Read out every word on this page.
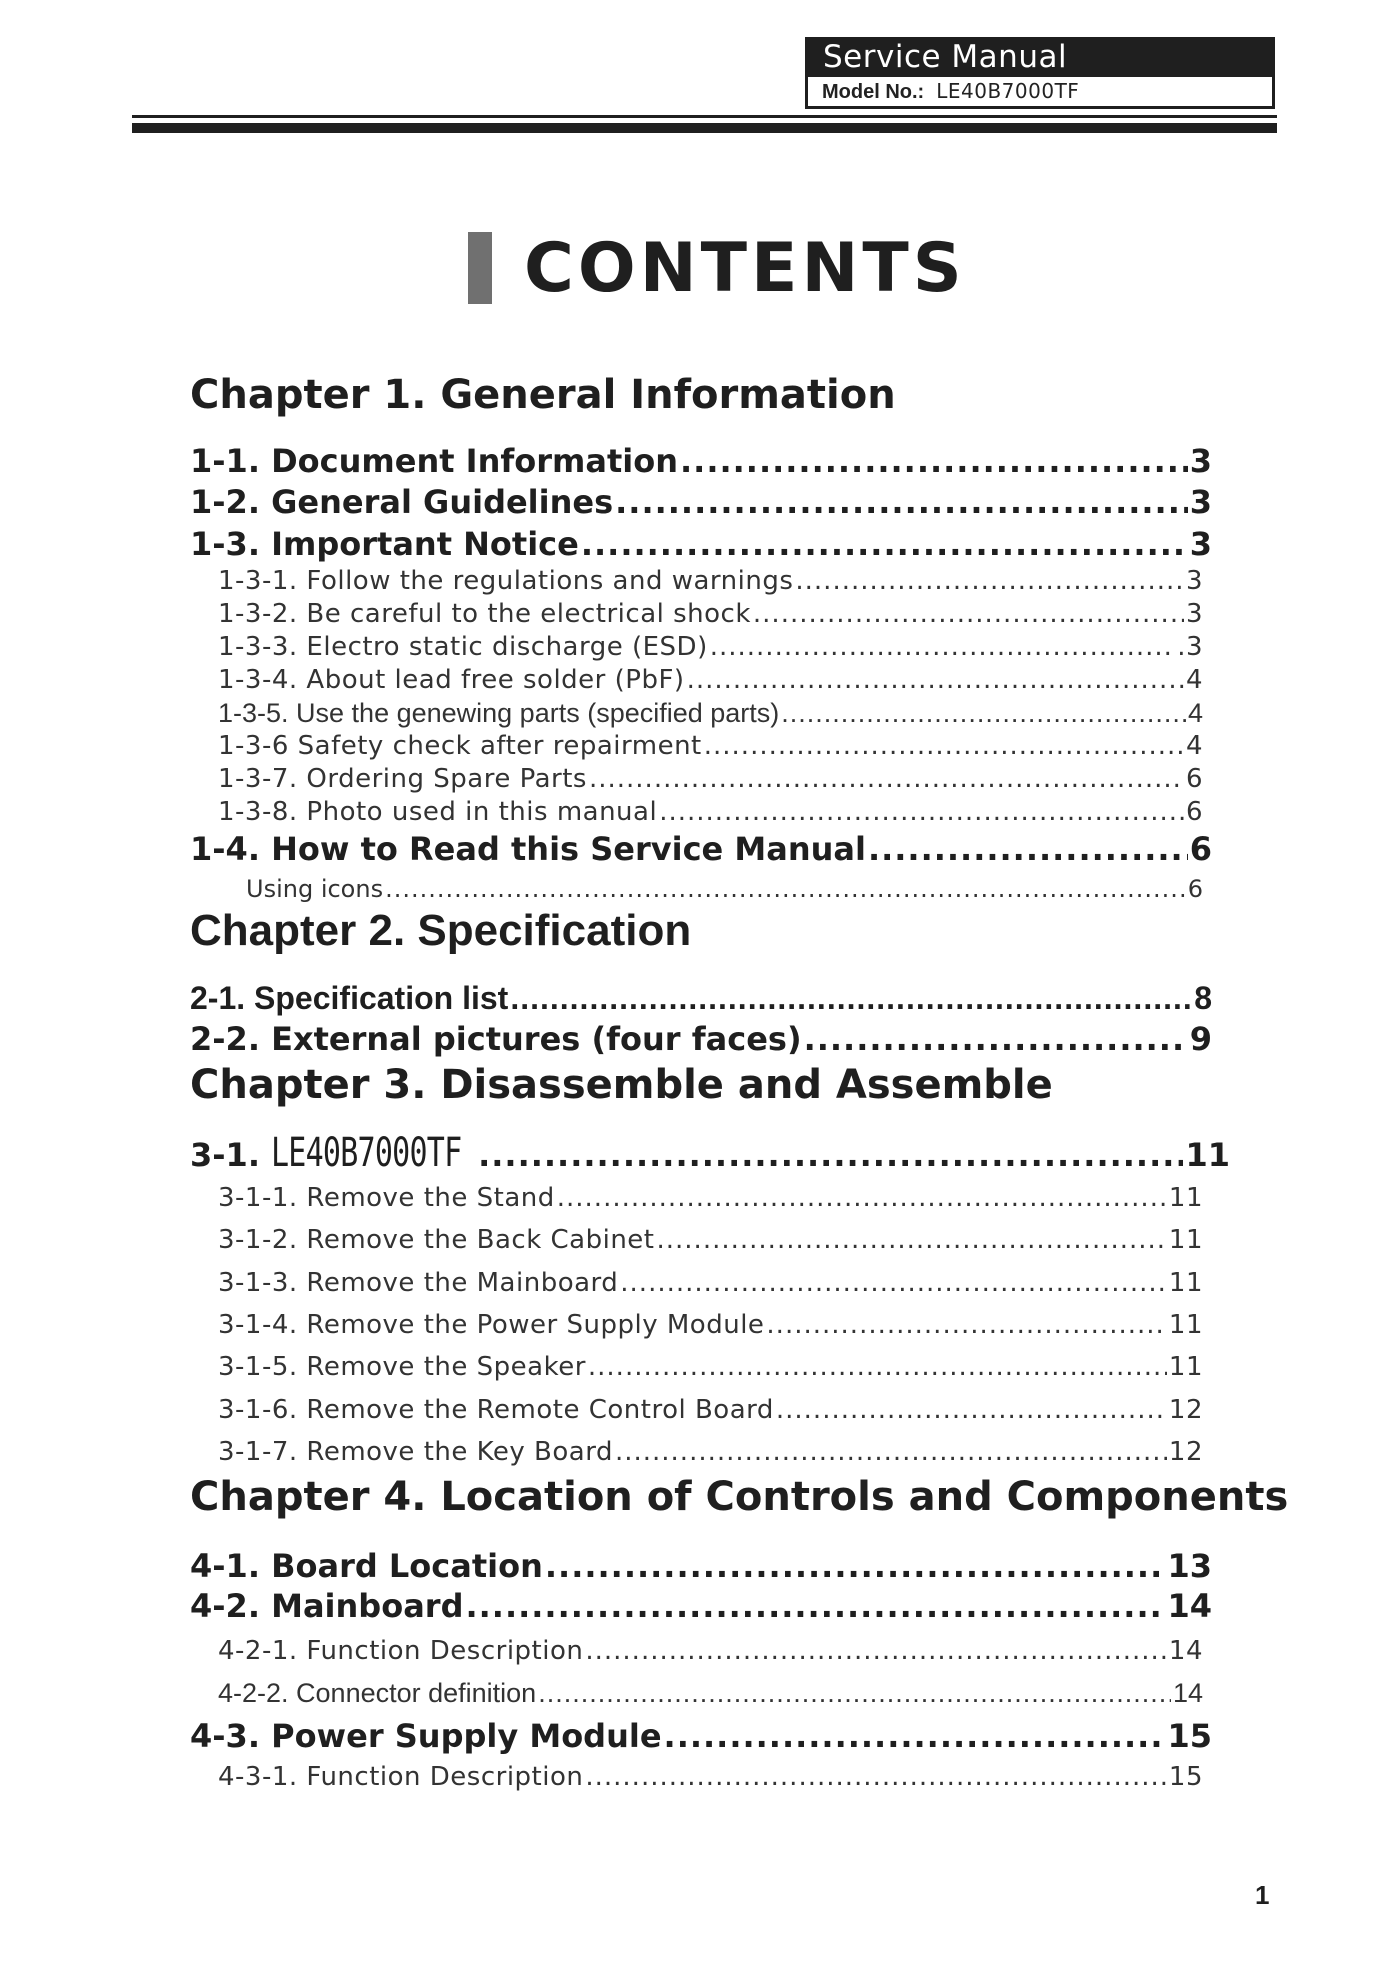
Service Manual
Model No.: LE40B7000TF
CONTENTS
Chapter 1. General Information
1-1. Document Information .....	3
1-2. General Guidelines .....	3
1-3. Important Notice .....	3
1-3-1. Follow the regulations and warnings .....	3
1-3-2. Be careful to the electrical shock .....	3
1-3-3. Electro static discharge (ESD) .....	.3
1-3-4. About lead free solder (PbF) .....	4
1-3-5. Use the genewing parts (specified parts) .....	4
1-3-6 Safety check after repairment .....	4
1-3-7. Ordering Spare Parts .....	6
1-3-8. Photo used in this manual .....	6
1-4. How to Read this Service Manual .....	6
Using icons .....	6
Chapter 2. Specification
2-1. Specification list .....	8
2-2. External pictures (four faces) .....	9
Chapter 3. Disassemble and Assemble
3-1. LE40B7000TF .....	11
3-1-1. Remove the Stand .....	11
3-1-2. Remove the Back Cabinet .....	11
3-1-3. Remove the Mainboard .....	11
3-1-4. Remove the Power Supply Module .....	11
3-1-5. Remove the Speaker .....	11
3-1-6. Remove the Remote Control Board .....	12
3-1-7. Remove the Key Board .....	12
Chapter 4. Location of Controls and Components
4-1. Board Location .....	13
4-2. Mainboard .....	14
4-2-1. Function Description .....	14
4-2-2. Connector definition .....	14
4-3. Power Supply Module .....	15
4-3-1. Function Description .....	15
1
